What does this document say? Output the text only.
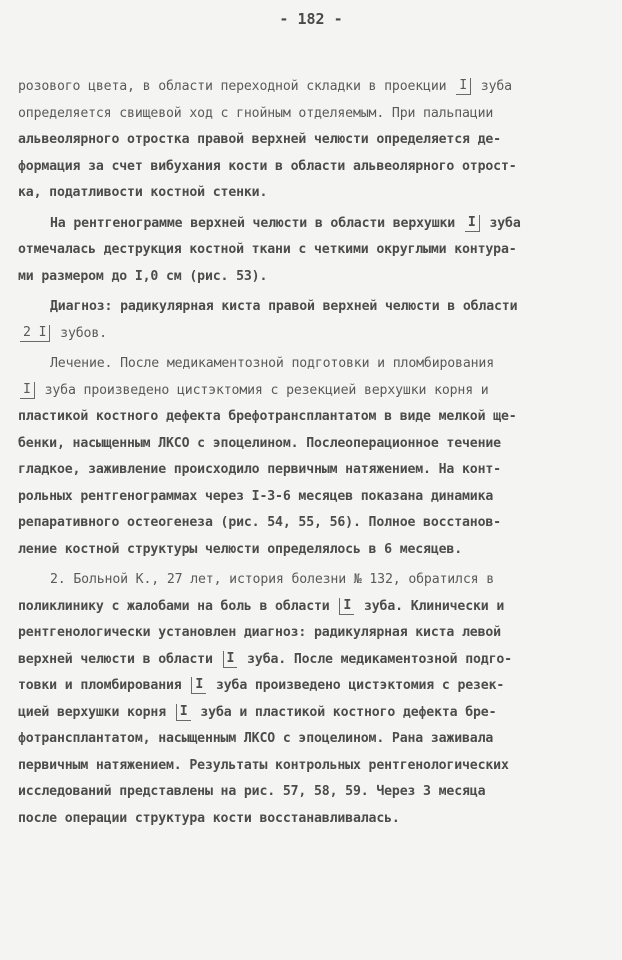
- 182 -
розового цвета, в области переходной складки в проекции I зуба
определяется свищевой ход с гнойным отделяемым. При пальпации
альвеолярного отростка правой верхней челюсти определяется де-
формация за счет вибухания кости в области альвеолярного отрост-
ка, податливости костной стенки.
На рентгенограмме верхней челюсти в области верхушки I зуба
отмечалась деструкция костной ткани с четкими округлыми контура-
ми размером до I,0 см (рис. 53).
Диагноз: радикулярная киста правой верхней челюсти в области
2 I зубов.
Лечение. После медикаментозной подготовки и пломбирования
I зуба произведено цистэктомия с резекцией верхушки корня и
пластикой костного дефекта брефотрансплантатом в виде мелкой ще-
бенки, насыщенным ЛКСО с эпоцелином. Послеоперационное течение
гладкое, заживление происходило первичным натяжением. На конт-
рольных рентгенограммах через I-3-6 месяцев показана динамика
репаративного остеогенеза (рис. 54, 55, 56). Полное восстанов-
ление костной структуры челюсти определялось в 6 месяцев.
2. Больной К., 27 лет, история болезни № 132, обратился в
поликлинику с жалобами на боль в области I зуба. Клинически и
рентгенологически установлен диагноз: радикулярная киста левой
верхней челюсти в области I зуба. После медикаментозной подго-
товки и пломбирования I зуба произведено цистэктомия с резек-
цией верхушки корня I зуба и пластикой костного дефекта бре-
фотрансплантатом, насыщенным ЛКСО с эпоцелином. Рана заживала
первичным натяжением. Результаты контрольных рентгенологических
исследований представлены на рис. 57, 58, 59. Через 3 месяца
после операции структура кости восстанавливалась.
